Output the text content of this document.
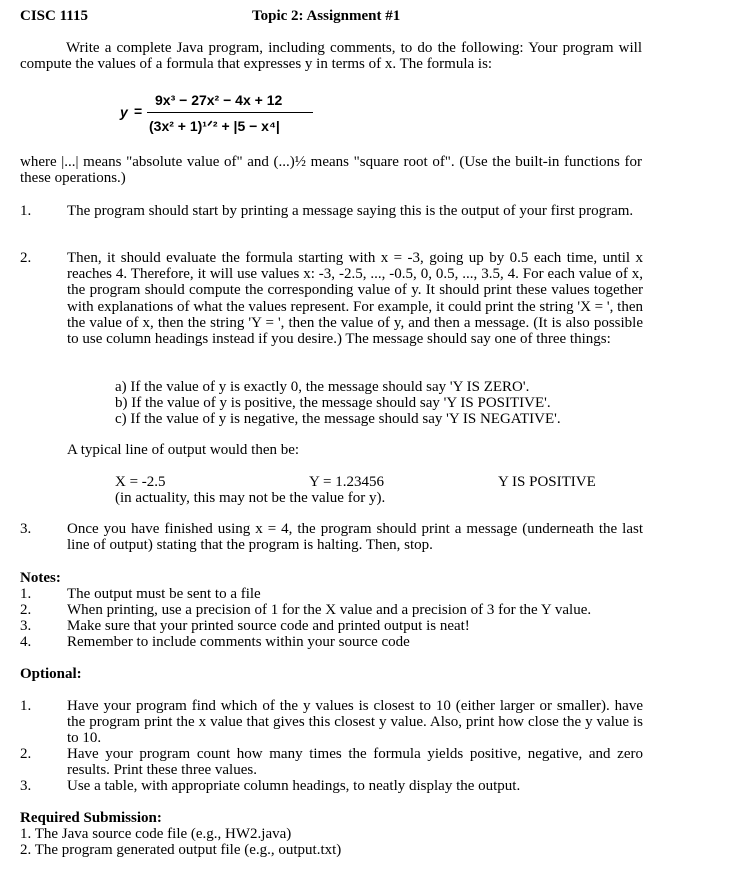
CISC 1115	Topic 2: Assignment #1
Write a complete Java program, including comments, to do the following: Your program will compute the values of a formula that expresses y in terms of x. The formula is:
y =
9x³ − 27x² − 4x + 12
(3x² + 1)¹ᐟ² + |5 − x⁴|
where |...| means "absolute value of" and (...)½ means "square root of". (Use the built-in functions for these operations.)
1. The program should start by printing a message saying this is the output of your first program.
2. Then, it should evaluate the formula starting with x = -3, going up by 0.5 each time, until x reaches 4. Therefore, it will use values x: -3, -2.5, ..., -0.5, 0, 0.5, ..., 3.5, 4. For each value of x, the program should compute the corresponding value of y. It should print these values together with explanations of what the values represent. For example, it could print the string 'X = ', then the value of x, then the string 'Y = ', then the value of y, and then a message. (It is also possible to use column headings instead if you desire.) The message should say one of three things:
a) If the value of y is exactly 0, the message should say 'Y IS ZERO'.
b) If the value of y is positive, the message should say 'Y IS POSITIVE'.
c) If the value of y is negative, the message should say 'Y IS NEGATIVE'.
A typical line of output would then be:
X = -2.5	Y = 1.23456	Y IS POSITIVE
(in actuality, this may not be the value for y).
3. Once you have finished using x = 4, the program should print a message (underneath the last line of output) stating that the program is halting. Then, stop.
Notes:
1. The output must be sent to a file
2. When printing, use a precision of 1 for the X value and a precision of 3 for the Y value.
3. Make sure that your printed source code and printed output is neat!
4. Remember to include comments within your source code
Optional:
1. Have your program find which of the y values is closest to 10 (either larger or smaller). have the program print the x value that gives this closest y value. Also, print how close the y value is to 10.
2. Have your program count how many times the formula yields positive, negative, and zero results. Print these three values.
3. Use a table, with appropriate column headings, to neatly display the output.
Required Submission:
1. The Java source code file (e.g., HW2.java)
2. The program generated output file (e.g., output.txt)
